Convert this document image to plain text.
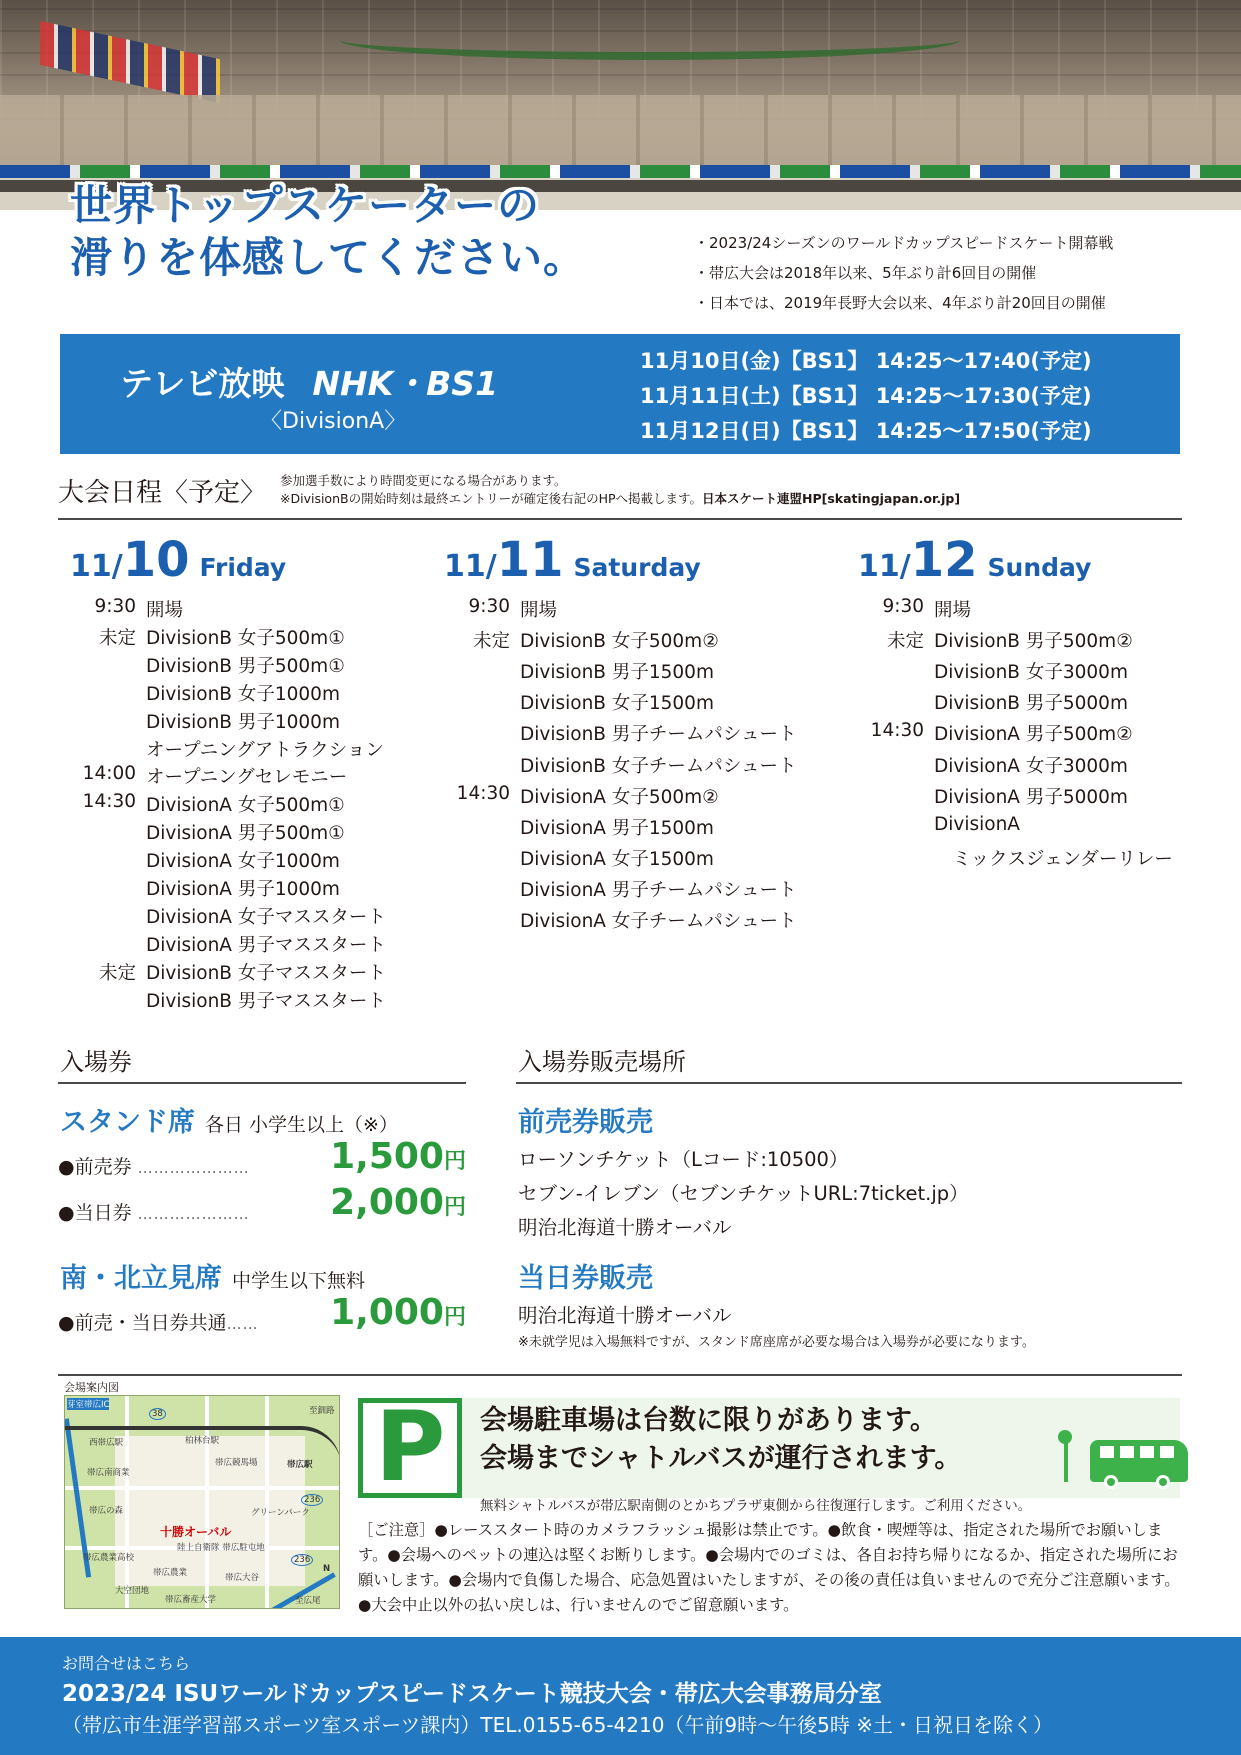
世界トップスケーターの
滑りを体感してください。	・2023/24シーズンのワールドカップスピードスケート開幕戦
・帯広大会は2018年以来、5年ぶり計6回目の開催
・日本では、2019年長野大会以来、4年ぶり計20回目の開催
テレビ放映 NHK・BS1
〈DivisionA〉
11月10日(金)【BS1】 14:25～17:40(予定)
11月11日(土)【BS1】 14:25～17:30(予定)
11月12日(日)【BS1】 14:25～17:50(予定)
大会日程〈予定〉 参加選手数により時間変更になる場合があります。
※DivisionBの開始時刻は最終エントリーが確定後右記のHPへ掲載します。日本スケート連盟HP[skatingjapan.or.jp]
11/10 Friday
9:30 開場
未定 DivisionB 女子500m①
DivisionB 男子500m①
DivisionB 女子1000m
DivisionB 男子1000m
オープニングアトラクション
14:00 オープニングセレモニー
14:30 DivisionA 女子500m①
DivisionA 男子500m①
DivisionA 女子1000m
DivisionA 男子1000m
DivisionA 女子マススタート
DivisionA 男子マススタート
未定 DivisionB 女子マススタート
DivisionB 男子マススタート
11/11 Saturday
9:30 開場
未定 DivisionB 女子500m②
DivisionB 男子1500m
DivisionB 女子1500m
DivisionB 男子チームパシュート
DivisionB 女子チームパシュート
14:30 DivisionA 女子500m②
DivisionA 男子1500m
DivisionA 女子1500m
DivisionA 男子チームパシュート
DivisionA 女子チームパシュート
11/12 Sunday
9:30 開場
未定 DivisionB 男子500m②
DivisionB 女子3000m
DivisionB 男子5000m
14:30 DivisionA 男子500m②
DivisionA 女子3000m
DivisionA 男子5000m
DivisionA
　ミックスジェンダーリレー
入場券
スタンド席 各日 小学生以上（※）
●前売券 …………………	1,500円
●当日券 …………………	2,000円
南・北立見席 中学生以下無料
●前売・当日券共通……	1,000円
入場券販売場所
前売券販売
ローソンチケット（Lコード:10500）
セブン-イレブン（セブンチケットURL:7ticket.jp）
明治北海道十勝オーバル
当日券販売
明治北海道十勝オーバル
※未就学児は入場無料ですが、スタンド席座席が必要な場合は入場券が必要になります。
会場案内図
芽室帯広IC
西帯広駅	柏林台駅
帯広競馬場	帯広駅
帯広南商業
帯広の森
十勝オーバル
グリーンパーク
陸上自衛隊 帯広駐屯地
帯広農業	帯広大谷
帯広畜産大学
帯広農業高校
大空団地
至釧路
至広尾
38
236
236
N
P 会場駐車場は台数に限りがあります。
会場までシャトルバスが運行されます。
無料シャトルバスが帯広駅南側のとかちプラザ東側から往復運行します。ご利用ください。
［ご注意］●レーススタート時のカメラフラッシュ撮影は禁止です。●飲食・喫煙等は、指定された場所でお願いします。●会場へのペットの連込は堅くお断りします。●会場内でのゴミは、各自お持ち帰りになるか、指定された場所にお願いします。●会場内で負傷した場合、応急処置はいたしますが、その後の責任は負いませんので充分ご注意願います。●大会中止以外の払い戻しは、行いませんのでご留意願います。
お問合せはこちら
2023/24 ISUワールドカップスピードスケート競技大会・帯広大会事務局分室
（帯広市生涯学習部スポーツ室スポーツ課内）TEL.0155-65-4210（午前9時～午後5時 ※土・日祝日を除く）
